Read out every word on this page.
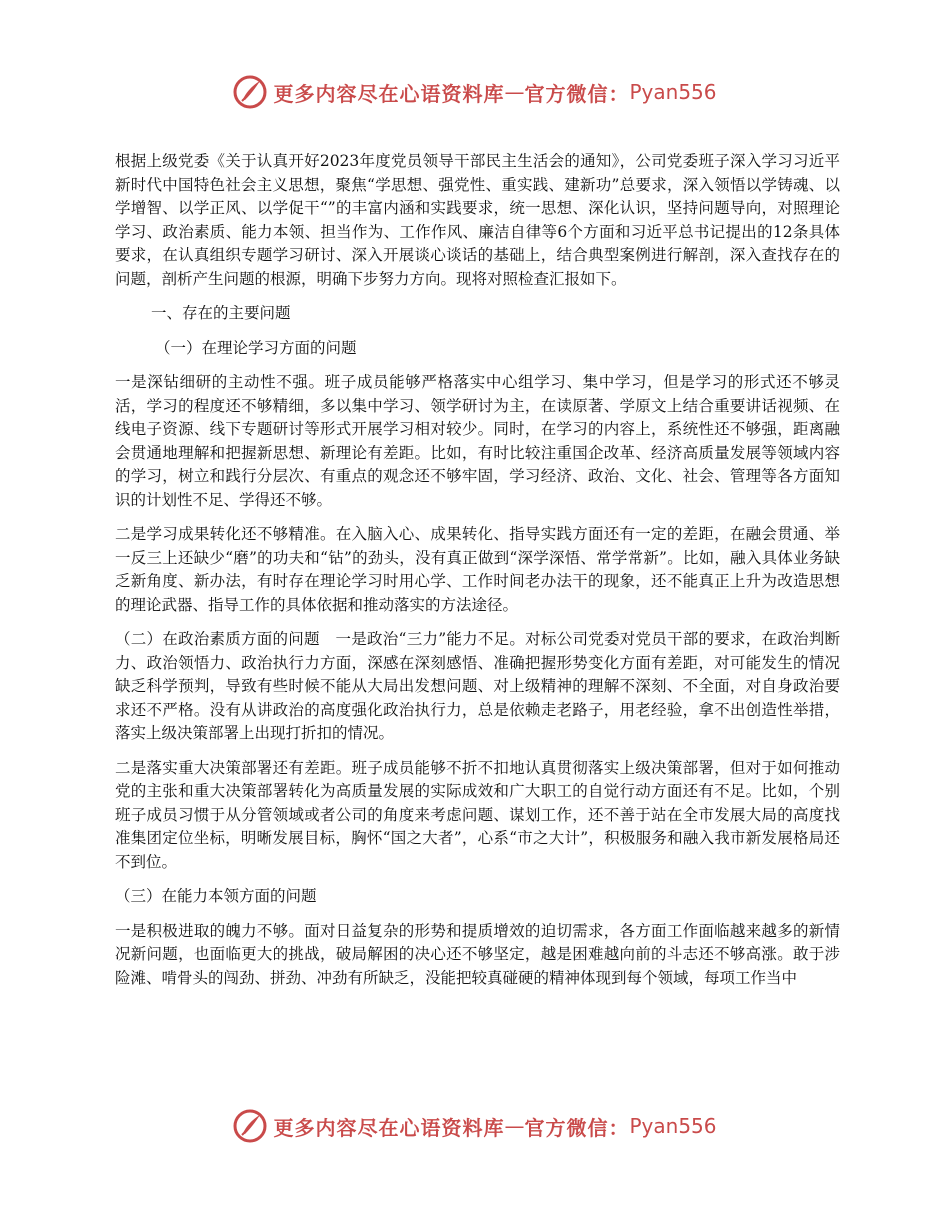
更多内容尽在心语资料库 — 官方微信： Pyan556

根据上级党委《关于认真开好2023年度党员领导干部民主生活会的通知》，公司党委班子深入学习习近平新时代中国特色社会主义思想，聚焦“学思想、强党性、重实践、建新功”总要求，深入领悟以学铸魂、以学增智、以学正风、以学促干“”的丰富内涵和实践要求，统一思想、深化认识，坚持问题导向，对照理论学习、政治素质、能力本领、担当作为、工作作风、廉洁自律等6个方面和习近平总书记提出的12条具体要求，在认真组织专题学习研讨、深入开展谈心谈话的基础上，结合典型案例进行解剖，深入查找存在的问题，剖析产生问题的根源，明确下步努力方向。现将对照检查汇报如下。

一、存在的主要问题

（一）在理论学习方面的问题

一是深钻细研的主动性不强。班子成员能够严格落实中心组学习、集中学习，但是学习的形式还不够灵活，学习的程度还不够精细，多以集中学习、领学研讨为主，在读原著、学原文上结合重要讲话视频、在线电子资源、线下专题研讨等形式开展学习相对较少。同时，在学习的内容上，系统性还不够强，距离融会贯通地理解和把握新思想、新理论有差距。比如，有时比较注重国企改革、经济高质量发展等领域内容的学习，树立和践行分层次、有重点的观念还不够牢固，学习经济、政治、文化、社会、管理等各方面知识的计划性不足、学得还不够。

二是学习成果转化还不够精准。在入脑入心、成果转化、指导实践方面还有一定的差距，在融会贯通、举一反三上还缺少“磨”的功夫和“钻”的劲头，没有真正做到“深学深悟、常学常新”。比如，融入具体业务缺乏新角度、新办法，有时存在理论学习时用心学、工作时间老办法干的现象，还不能真正上升为改造思想的理论武器、指导工作的具体依据和推动落实的方法途径。

（二）在政治素质方面的问题　一是政治“三力”能力不足。对标公司党委对党员干部的要求，在政治判断力、政治领悟力、政治执行力方面，深感在深刻感悟、准确把握形势变化方面有差距，对可能发生的情况缺乏科学预判，导致有些时候不能从大局出发想问题、对上级精神的理解不深刻、不全面，对自身政治要求还不严格。没有从讲政治的高度强化政治执行力，总是依赖走老路子，用老经验，拿不出创造性举措，落实上级决策部署上出现打折扣的情况。

二是落实重大决策部署还有差距。班子成员能够不折不扣地认真贯彻落实上级决策部署，但对于如何推动党的主张和重大决策部署转化为高质量发展的实际成效和广大职工的自觉行动方面还有不足。比如，个别班子成员习惯于从分管领域或者公司的角度来考虑问题、谋划工作，还不善于站在全市发展大局的高度找准集团定位坐标，明晰发展目标，胸怀“国之大者”，心系“市之大计”，积极服务和融入我市新发展格局还不到位。

（三）在能力本领方面的问题

一是积极进取的魄力不够。面对日益复杂的形势和提质增效的迫切需求，各方面工作面临越来越多的新情况新问题，也面临更大的挑战，破局解困的决心还不够坚定，越是困难越向前的斗志还不够高涨。敢于涉险滩、啃骨头的闯劲、拼劲、冲劲有所缺乏，没能把较真碰硬的精神体现到每个领域，每项工作当中

更多内容尽在心语资料库 — 官方微信： Pyan556
